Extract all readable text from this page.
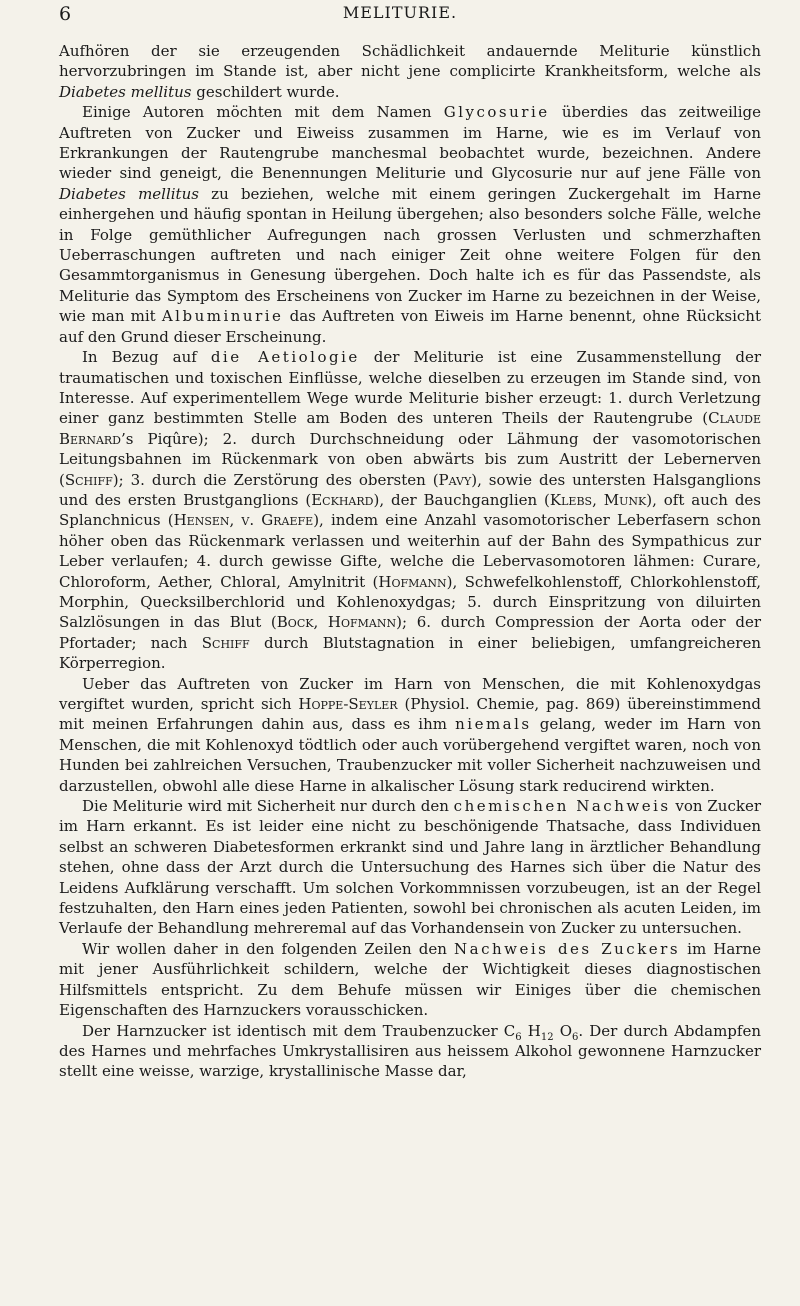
6	MELITURIE.

Aufhören der sie erzeugenden Schädlichkeit andauernde Meliturie künstlich hervorzubringen im Stande ist, aber nicht jene complicirte Krankheitsform, welche als Diabetes mellitus geschildert wurde.

Einige Autoren möchten mit dem Namen Glycosurie überdies das zeitweilige Auftreten von Zucker und Eiweiss zusammen im Harne, wie es im Verlauf von Erkrankungen der Rautengrube manchesmal beobachtet wurde, bezeichnen. Andere wieder sind geneigt, die Benennungen Meliturie und Glycosurie nur auf jene Fälle von Diabetes mellitus zu beziehen, welche mit einem geringen Zuckergehalt im Harne einhergehen und häufig spontan in Heilung übergehen; also besonders solche Fälle, welche in Folge gemüthlicher Aufregungen nach grossen Verlusten und schmerzhaften Ueberraschungen auftreten und nach einiger Zeit ohne weitere Folgen für den Gesammtorganismus in Genesung übergehen. Doch halte ich es für das Passendste, als Meliturie das Symptom des Erscheinens von Zucker im Harne zu bezeichnen in der Weise, wie man mit Albuminurie das Auftreten von Eiweis im Harne benennt, ohne Rücksicht auf den Grund dieser Erscheinung.

In Bezug auf die Aetiologie der Meliturie ist eine Zusammenstellung der traumatischen und toxischen Einflüsse, welche dieselben zu erzeugen im Stande sind, von Interesse. Auf experimentellem Wege wurde Meliturie bisher erzeugt: 1. durch Verletzung einer ganz bestimmten Stelle am Boden des unteren Theils der Rautengrube (Claude Bernard’s Piqûre); 2. durch Durchschneidung oder Lähmung der vasomotorischen Leitungsbahnen im Rückenmark von oben abwärts bis zum Austritt der Lebernerven (Schiff); 3. durch die Zerstörung des obersten (Pavy), sowie des untersten Halsganglions und des ersten Brustganglions (Eckhard), der Bauchganglien (Klebs, Munk), oft auch des Splanchnicus (Hensen, v. Graefe), indem eine Anzahl vasomotorischer Leberfasern schon höher oben das Rückenmark verlassen und weiterhin auf der Bahn des Sympathicus zur Leber verlaufen; 4. durch gewisse Gifte, welche die Lebervasomotoren lähmen: Curare, Chloroform, Aether, Chloral, Amylnitrit (Hofmann), Schwefelkohlenstoff, Chlorkohlenstoff, Morphin, Quecksilberchlorid und Kohlenoxydgas; 5. durch Einspritzung von diluirten Salzlösungen in das Blut (Bock, Hofmann); 6. durch Compression der Aorta oder der Pfortader; nach Schiff durch Blutstagnation in einer beliebigen, umfangreicheren Körperregion.

Ueber das Auftreten von Zucker im Harn von Menschen, die mit Kohlenoxydgas vergiftet wurden, spricht sich Hoppe-Seyler (Physiol. Chemie, pag. 869) übereinstimmend mit meinen Erfahrungen dahin aus, dass es ihm niemals gelang, weder im Harn von Menschen, die mit Kohlenoxyd tödtlich oder auch vorübergehend vergiftet waren, noch von Hunden bei zahlreichen Versuchen, Traubenzucker mit voller Sicherheit nachzuweisen und darzustellen, obwohl alle diese Harne in alkalischer Lösung stark reducirend wirkten.

Die Meliturie wird mit Sicherheit nur durch den chemischen Nachweis von Zucker im Harn erkannt. Es ist leider eine nicht zu beschönigende Thatsache, dass Individuen selbst an schweren Diabetesformen erkrankt sind und Jahre lang in ärztlicher Behandlung stehen, ohne dass der Arzt durch die Untersuchung des Harnes sich über die Natur des Leidens Aufklärung verschafft. Um solchen Vorkommnissen vorzubeugen, ist an der Regel festzuhalten, den Harn eines jeden Patienten, sowohl bei chronischen als acuten Leiden, im Verlaufe der Behandlung mehreremal auf das Vorhandensein von Zucker zu untersuchen.

Wir wollen daher in den folgenden Zeilen den Nachweis des Zuckers im Harne mit jener Ausführlichkeit schildern, welche der Wichtigkeit dieses diagnostischen Hilfsmittels entspricht. Zu dem Behufe müssen wir Einiges über die chemischen Eigenschaften des Harnzuckers vorausschicken.

Der Harnzucker ist identisch mit dem Traubenzucker $C_6$ $H_{12}$ $O_6$. Der durch Abdampfen des Harnes und mehrfaches Umkrystallisiren aus heissem Alkohol gewonnene Harnzucker stellt eine weisse, warzige, krystallinische Masse dar,
